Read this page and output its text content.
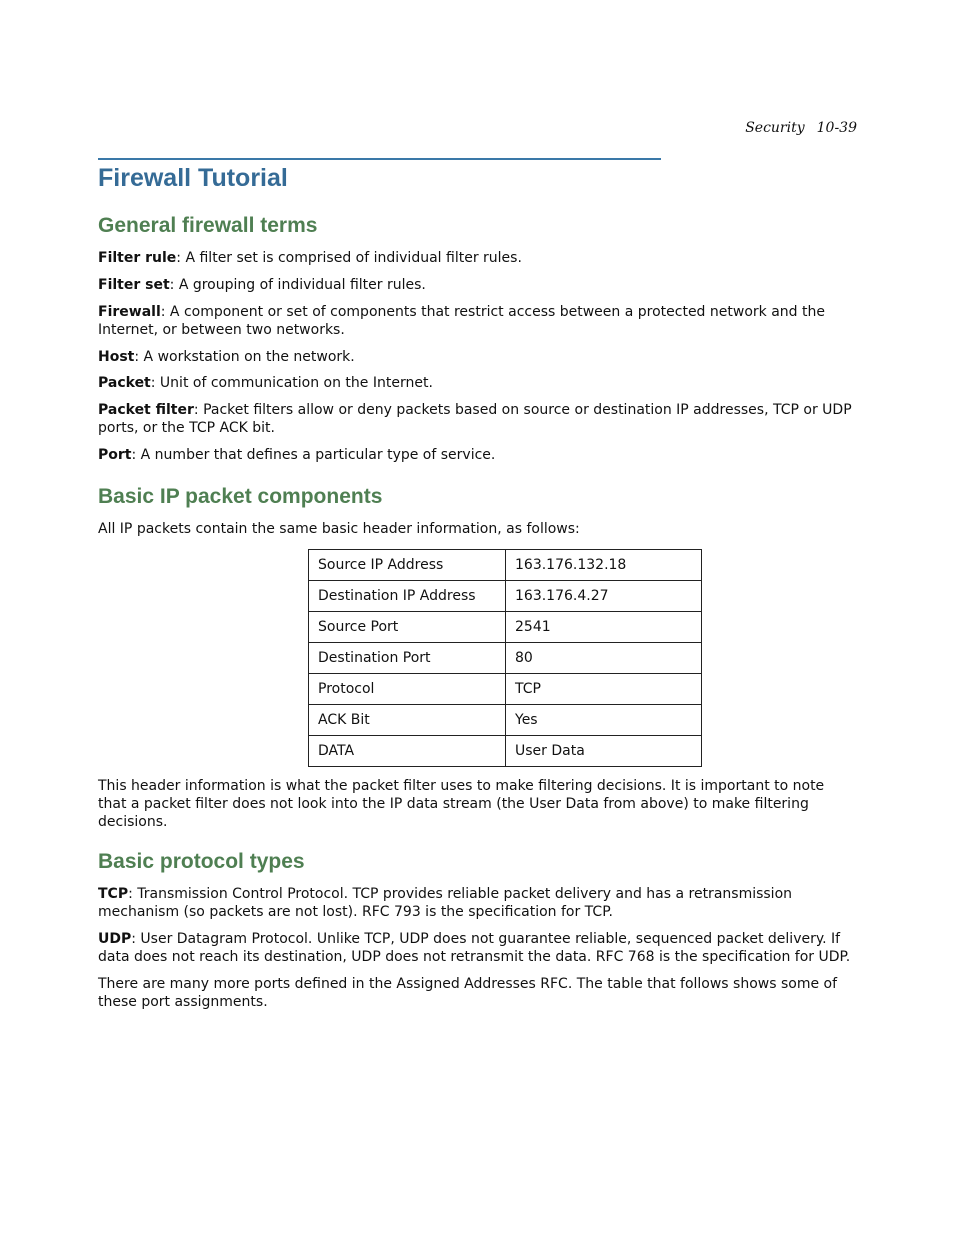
Security 10-39
Firewall Tutorial
General firewall terms

Filter rule: A filter set is comprised of individual filter rules.

Filter set: A grouping of individual filter rules.

Firewall: A component or set of components that restrict access between a protected network and the Internet, or between two networks.

Host: A workstation on the network.

Packet: Unit of communication on the Internet.

Packet filter: Packet filters allow or deny packets based on source or destination IP addresses, TCP or UDP ports, or the TCP ACK bit.

Port: A number that defines a particular type of service.

Basic IP packet components

All IP packets contain the same basic header information, as follows:

Source IP Address	163.176.132.18
Destination IP Address	163.176.4.27
Source Port	2541
Destination Port	80
Protocol	TCP
ACK Bit	Yes
DATA	User Data

This header information is what the packet filter uses to make filtering decisions. It is important to note that a packet filter does not look into the IP data stream (the User Data from above) to make filtering decisions.

Basic protocol types

TCP: Transmission Control Protocol. TCP provides reliable packet delivery and has a retransmission mechanism (so packets are not lost). RFC 793 is the specification for TCP.

UDP: User Datagram Protocol. Unlike TCP, UDP does not guarantee reliable, sequenced packet delivery. If data does not reach its destination, UDP does not retransmit the data. RFC 768 is the specification for UDP.

There are many more ports defined in the Assigned Addresses RFC. The table that follows shows some of these port assignments.
